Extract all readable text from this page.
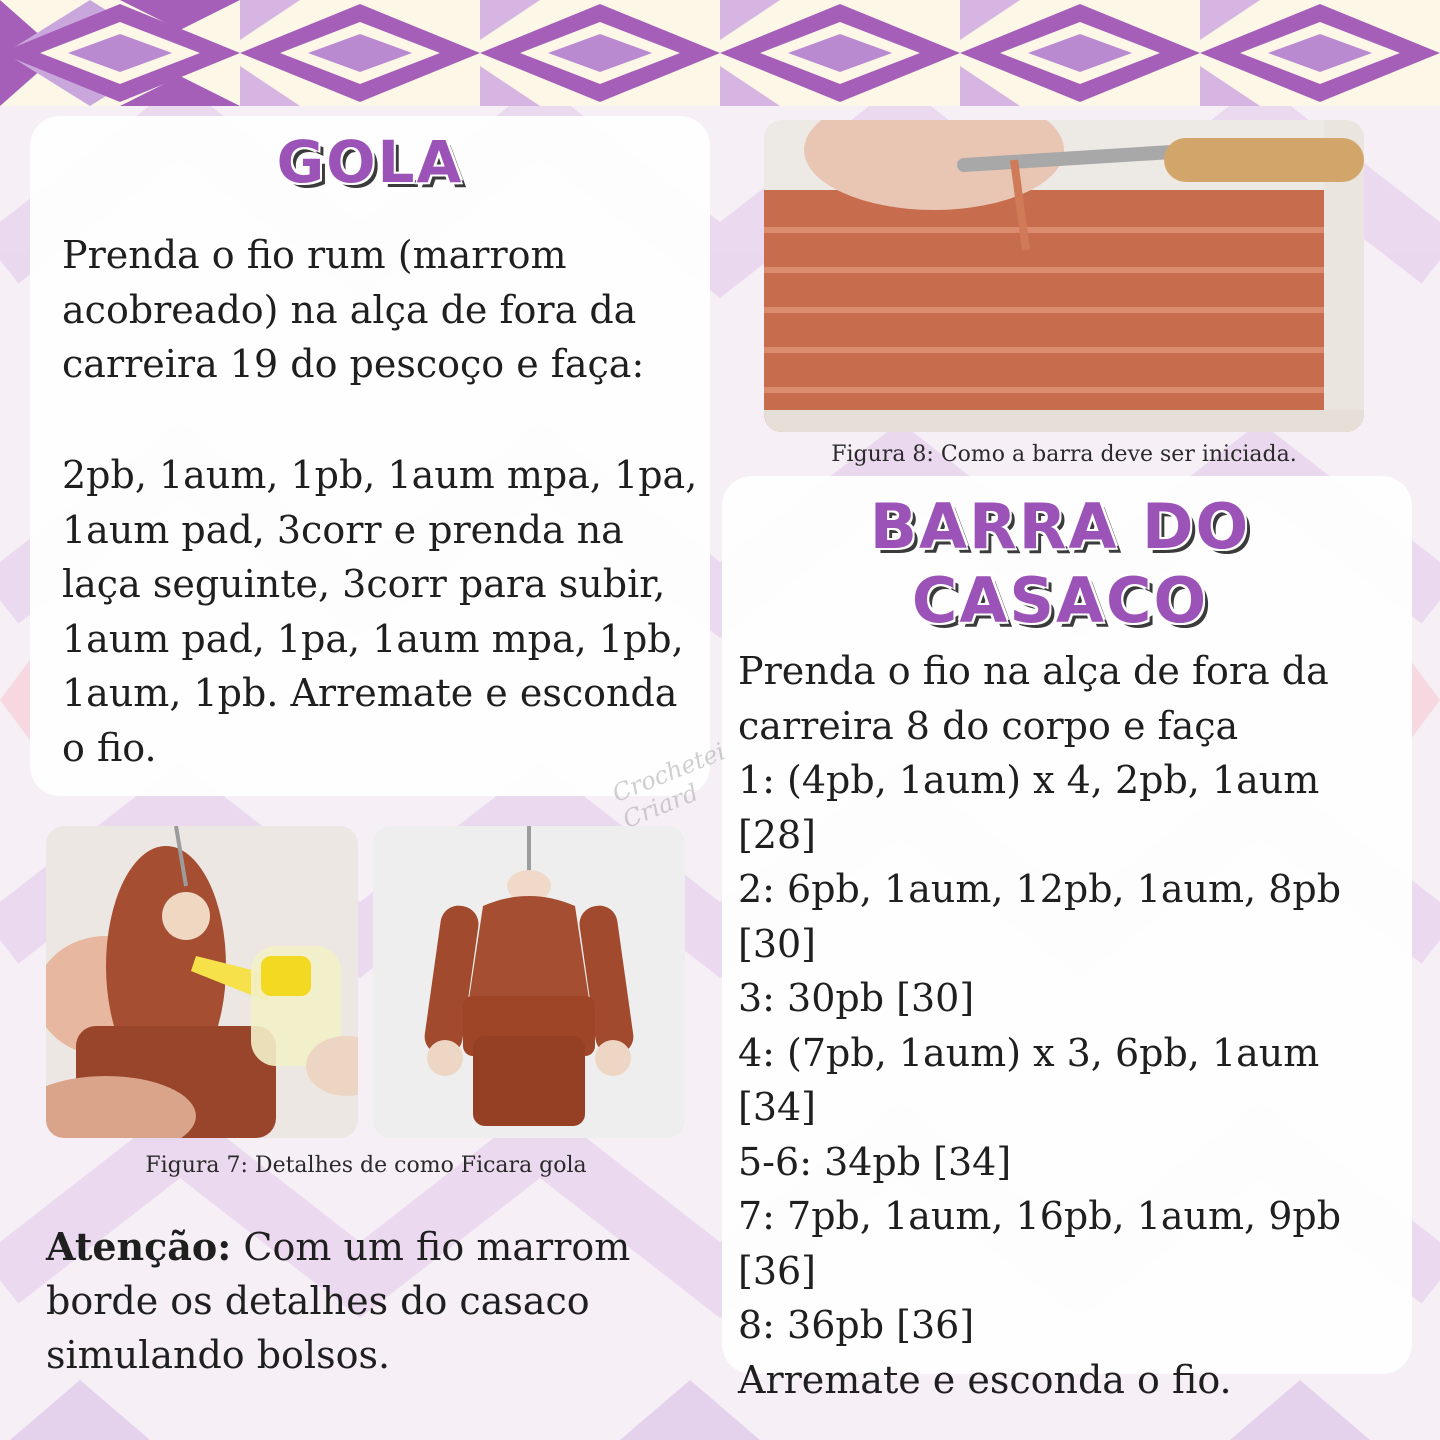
GOLA

Prenda o fio rum (marrom acobreado) na alça de fora da carreira 19 do pescoço e faça:

2pb, 1aum, 1pb, 1aum mpa, 1pa, 1aum pad, 3corr e prenda na laça seguinte, 3corr para subir, 1aum pad, 1pa, 1aum mpa, 1pb, 1aum, 1pb. Arremate e esconda o fio.

Figura 7: Detalhes de como Ficara gola

Atenção: Com um fio marrom borde os detalhes do casaco simulando bolsos.

Figura 8: Como a barra deve ser iniciada.

BARRA DO
CASACO
Prenda o fio na alça de fora da carreira 8 do corpo e faça
1: (4pb, 1aum) x 4, 2pb, 1aum [28]
2: 6pb, 1aum, 12pb, 1aum, 8pb [30]
3: 30pb [30]
4: (7pb, 1aum) x 3, 6pb, 1aum [34]
5-6: 34pb [34]
7: 7pb, 1aum, 16pb, 1aum, 9pb [36]
8: 36pb [36]
Arremate e esconda o fio.
Crochetei Criard
